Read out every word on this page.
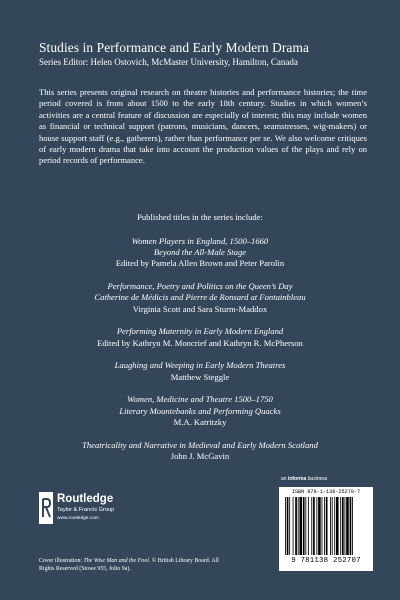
Studies in Performance and Early Modern Drama
Series Editor: Helen Ostovich, McMaster University, Hamilton, Canada
This series presents original research on theatre histories and performance histories; the time period covered is from about 1500 to the early 18th century. Studies in which women’s activities are a central feature of discussion are especially of interest; this may include women as financial or technical support (patrons, musicians, dancers, seamstresses, wig-makers) or house support staff (e.g., gatherers), rather than performance per se. We also welcome critiques of early modern drama that take into account the production values of the plays and rely on period records of performance.
Published titles in the series include:
Women Players in England, 1500–1660
Beyond the All-Male Stage
Edited by Pamela Allen Brown and Peter Parolin
Performance, Poetry and Politics on the Queen’s Day
Catherine de Médicis and Pierre de Ronsard at Fontainbleau
Virginia Scott and Sara Sturm-Maddox
Performing Maternity in Early Modern England
Edited by Kathryn M. Moncrief and Kathryn R. McPherson
Laughing and Weeping in Early Modern Theatres
Matthew Steggle
Women, Medicine and Theatre 1500–1750
Literary Mountebanks and Performing Quacks
M.A. Katritzky
Theatricality and Narrative in Medieval and Early Modern Scotland
John J. McGavin
an informa business
Routledge
Taylor & Francis Group
www.routledge.com
ISBN 978-1-138-25270-7
9 781138 252707
Cover illustration: The Wise Man and the Fool. © British Library Board. All Rights Reserved (Stowe 955, folio 9a).
